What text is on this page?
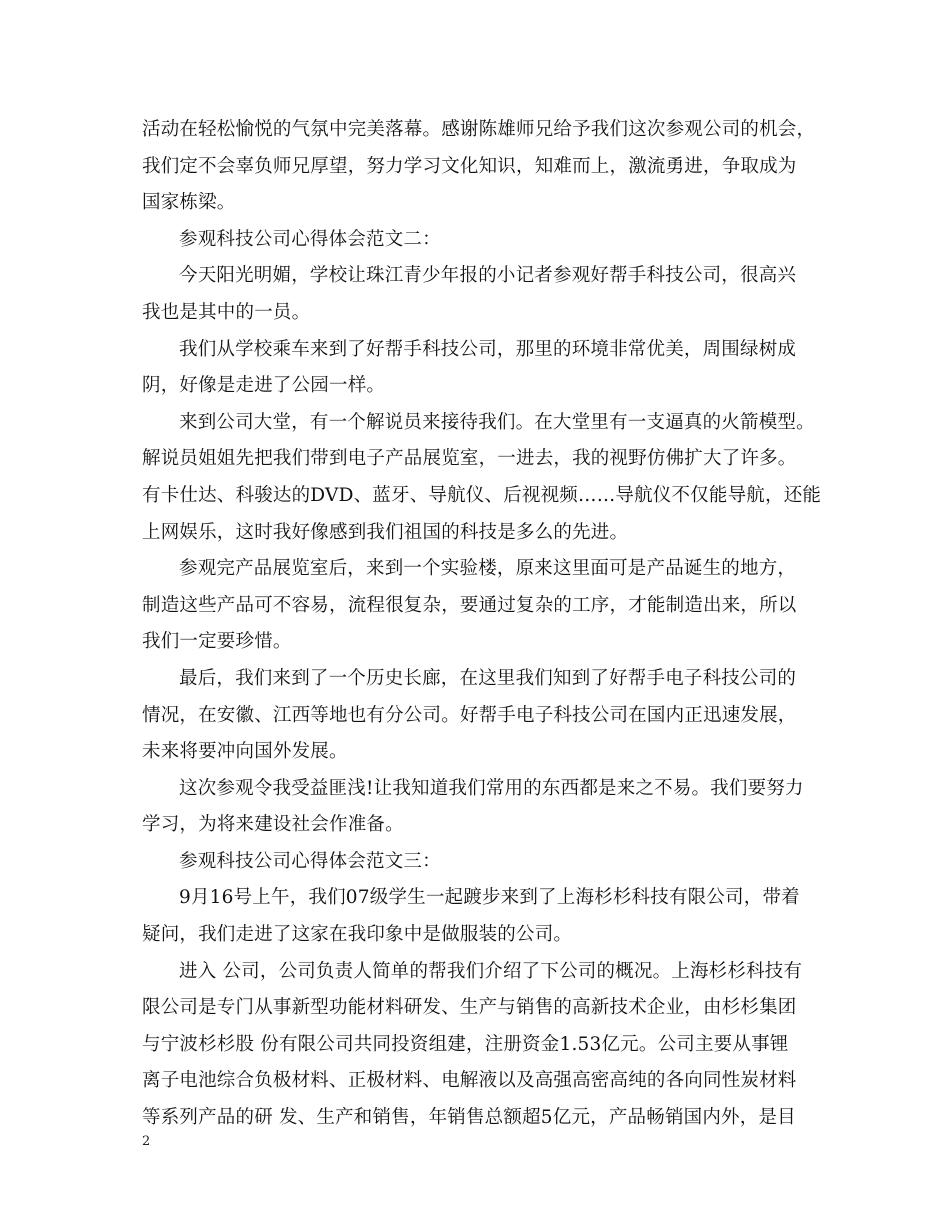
活动在轻松愉悦的气氛中完美落幕。感谢陈雄师兄给予我们这次参观公司的机会，
我们定不会辜负师兄厚望，努力学习文化知识，知难而上，激流勇进，争取成为
国家栋梁。
参观科技公司心得体会范文二：
今天阳光明媚，学校让珠江青少年报的小记者参观好帮手科技公司，很高兴
我也是其中的一员。
我们从学校乘车来到了好帮手科技公司，那里的环境非常优美，周围绿树成
阴，好像是走进了公园一样。
来到公司大堂，有一个解说员来接待我们。在大堂里有一支逼真的火箭模型。
解说员姐姐先把我们带到电子产品展览室，一进去，我的视野仿佛扩大了许多。
有卡仕达、科骏达的DVD、蓝牙、导航仪、后视视频……导航仪不仅能导航，还能
上网娱乐，这时我好像感到我们祖国的科技是多么的先进。
参观完产品展览室后，来到一个实验楼，原来这里面可是产品诞生的地方，
制造这些产品可不容易，流程很复杂，要通过复杂的工序，才能制造出来，所以
我们一定要珍惜。
最后，我们来到了一个历史长廊，在这里我们知到了好帮手电子科技公司的
情况，在安徽、江西等地也有分公司。好帮手电子科技公司在国内正迅速发展，
未来将要冲向国外发展。
这次参观令我受益匪浅!让我知道我们常用的东西都是来之不易。我们要努力
学习，为将来建设社会作准备。
参观科技公司心得体会范文三：
9月16号上午，我们07级学生一起踱步来到了上海杉杉科技有限公司，带着
疑问，我们走进了这家在我印象中是做服装的公司。
进入 公司，公司负责人简单的帮我们介绍了下公司的概况。上海杉杉科技有
限公司是专门从事新型功能材料研发、生产与销售的高新技术企业，由杉杉集团
与宁波杉杉股 份有限公司共同投资组建，注册资金1.53亿元。公司主要从事锂
离子电池综合负极材料、正极材料、电解液以及高强高密高纯的各向同性炭材料
等系列产品的研 发、生产和销售，年销售总额超5亿元，产品畅销国内外，是目
2
